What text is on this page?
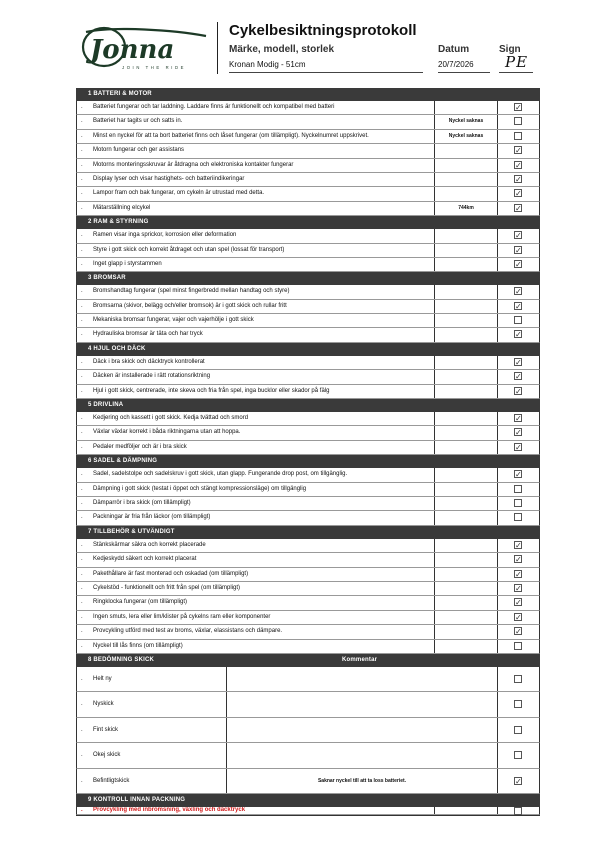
Jonna
JOIN THE RIDE
Cykelbesiktningsprotokoll
Märke, modell, storlek	Datum	Sign
Kronan Modig - 51cm	20/7/2026 PE
1 BATTERI & MOTOR
. Batteriet fungerar och tar laddning. Laddare finns är funktionellt och kompatibel med batteri	✓
. Batteriet har tagits ur och satts in.	Nyckel saknas
. Minst en nyckel för att ta bort batteriet finns och låset fungerar (om tillämpligt). Nyckelnumret uppskrivet.	Nyckel saknas
. Motorn fungerar och ger assistans	✓
. Motorns monteringsskruvar är åtdragna och elektroniska kontakter fungerar	✓
. Display lyser och visar hastighets- och batteriindikeringar	✓
. Lampor fram och bak fungerar, om cykeln är utrustad med detta.	✓
. Mätarställning elcykel	744km	✓
2 RAM & STYRNING
. Ramen visar inga sprickor, korrosion eller deformation	✓
. Styre i gott skick och korrekt åtdraget och utan spel (lossat för transport)	✓
. Inget glapp i styrstammen	✓
3 BROMSAR
. Bromshandtag fungerar (spel minst fingerbredd mellan handtag och styre)	✓
. Bromsarna (skivor, belägg och/eller bromsok) är i gott skick och rullar fritt	✓
. Mekaniska bromsar fungerar, vajer och vajerhölje i gott skick
. Hydrauliska bromsar är täta och har tryck	✓
4 HJUL OCH DÄCK
. Däck i bra skick och däcktryck kontrollerat	✓
. Däcken är installerade i rätt rotationsriktning	✓
. Hjul i gott skick, centrerade, inte skeva och fria från spel, inga bucklor eller skador på fälg	✓
5 DRIVLINA
. Kedjering och kassett i gott skick. Kedja tvättad och smord	✓
. Växlar växlar korrekt i båda riktningarna utan att hoppa.	✓
. Pedaler medföljer och är i bra skick	✓
6 SADEL & DÄMPNING
. Sadel, sadelstolpe och sadelskruv i gott skick, utan glapp. Fungerande drop post, om tillgänglig.	✓
. Dämpning i gott skick (testat i öppet och stängt kompressionsläge) om tillgänglig
. Dämparrör i bra skick (om tillämpligt)
. Packningar är fria från läckor (om tillämpligt)
7 TILLBEHÖR & UTVÄNDIGT
. Stänkskärmar säkra och korrekt placerade	✓
. Kedjeskydd säkert och korrekt placerat	✓
. Pakethållare är fast monterad och oskadad (om tillämpligt)	✓
. Cykelstöd - funktionellt och fritt från spel (om tillämpligt)	✓
. Ringklocka fungerar (om tillämpligt)	✓
. Ingen smuts, lera eller lim/klister på cykelns ram eller komponenter	✓
. Provcykling utförd med test av broms, växlar, elassistans och dämpare.	✓
. Nyckel till lås finns (om tillämpligt)
8 BEDÖMNING SKICK	Kommentar
. Helt ny
. Nyskick
. Fint skick
. Okej skick
. Befintligtskick	Saknar nyckel till att ta loss batteriet.	✓
9 KONTROLL INNAN PACKNING
. Provcykling med inbromsning, växling och däcktryck
